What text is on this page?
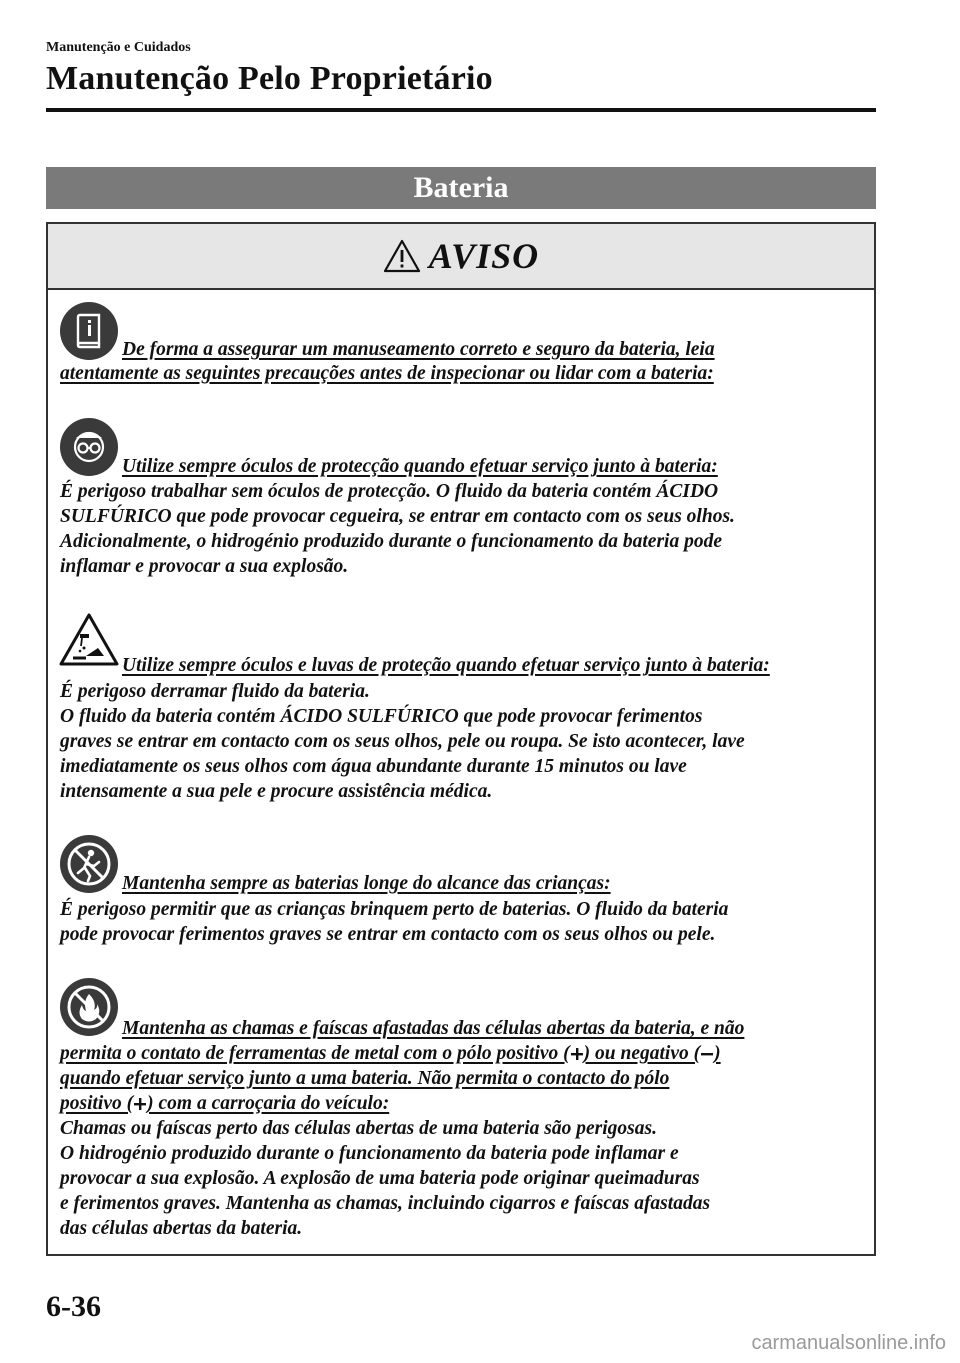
Manutenção e Cuidados
Manutenção Pelo Proprietário
Bateria
AVISO
De forma a assegurar um manuseamento correto e seguro da bateria, leia
atentamente as seguintes precauções antes de inspecionar ou lidar com a bateria:
Utilize sempre óculos de protecção quando efetuar serviço junto à bateria:
É perigoso trabalhar sem óculos de protecção. O fluido da bateria contém ÁCIDO
SULFÚRICO que pode provocar cegueira, se entrar em contacto com os seus olhos.
Adicionalmente, o hidrogénio produzido durante o funcionamento da bateria pode
inflamar e provocar a sua explosão.
Utilize sempre óculos e luvas de proteção quando efetuar serviço junto à bateria:
É perigoso derramar fluido da bateria.
O fluido da bateria contém ÁCIDO SULFÚRICO que pode provocar ferimentos
graves se entrar em contacto com os seus olhos, pele ou roupa. Se isto acontecer, lave
imediatamente os seus olhos com água abundante durante 15 minutos ou lave
intensamente a sua pele e procure assistência médica.
Mantenha sempre as baterias longe do alcance das crianças:
É perigoso permitir que as crianças brinquem perto de baterias. O fluido da bateria
pode provocar ferimentos graves se entrar em contacto com os seus olhos ou pele.
Mantenha as chamas e faíscas afastadas das células abertas da bateria, e não
permita o contato de ferramentas de metal com o pólo positivo ( ) ou negativo ( )
quando efetuar serviço junto a uma bateria. Não permita o contacto do pólo
positivo ( ) com a carroçaria do veículo:
Chamas ou faíscas perto das células abertas de uma bateria são perigosas.
O hidrogénio produzido durante o funcionamento da bateria pode inflamar e
provocar a sua explosão. A explosão de uma bateria pode originar queimaduras
e ferimentos graves. Mantenha as chamas, incluindo cigarros e faíscas afastadas
das células abertas da bateria.
6-36
carmanualsonline.info
